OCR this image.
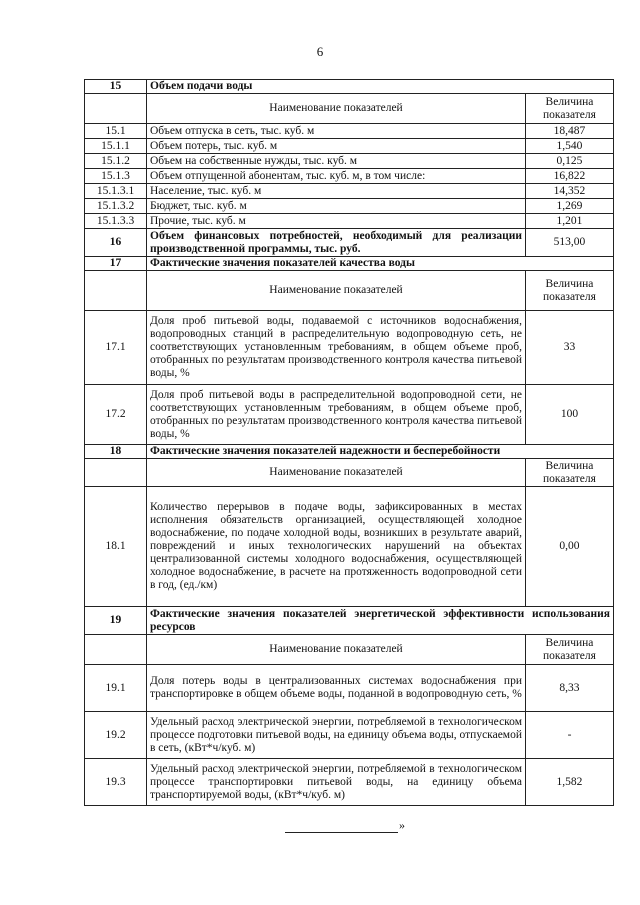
6
15	Объем подачи воды	
	Наименование показателей	Величина показателя
15.1	Объем отпуска в сеть, тыс. куб. м	18,487
15.1.1	Объем потерь, тыс. куб. м	1,540
15.1.2	Объем на собственные нужды, тыс. куб. м	0,125
15.1.3	Объем отпущенной абонентам, тыс. куб. м, в том числе:	16,822
15.1.3.1	Население, тыс. куб. м	14,352
15.1.3.2	Бюджет, тыс. куб. м	1,269
15.1.3.3	Прочие, тыс. куб. м	1,201
16	Объем финансовых потребностей, необходимый для реализации производственной программы, тыс. руб.	513,00
17	Фактические значения показателей качества воды	
	Наименование показателей	Величина показателя
17.1	Доля проб питьевой воды, подаваемой с источников водоснабжения, водопроводных станций в распределительную водопроводную сеть, не соответствующих установленным требованиям, в общем объеме проб, отобранных по результатам производственного контроля качества питьевой воды, %	33
17.2	Доля проб питьевой воды в распределительной водопроводной сети, не соответствующих установленным требованиям, в общем объеме проб, отобранных по результатам производственного контроля качества питьевой воды, %	100
18	Фактические значения показателей надежности и бесперебойности	
	Наименование показателей	Величина показателя
18.1	Количество перерывов в подаче воды, зафиксированных в местах исполнения обязательств организацией, осуществляющей холодное водоснабжение, по подаче холодной воды, возникших в результате аварий, повреждений и иных технологических нарушений на объектах централизованной системы холодного водоснабжения, осуществляющей холодное водоснабжение, в расчете на протяженность водопроводной сети в год, (ед./км)	0,00
19	Фактические значения показателей энергетической эффективности использования ресурсов	
	Наименование показателей	Величина показателя
19.1	Доля потерь воды в централизованных системах водоснабжения при транспортировке в общем объеме воды, поданной в водопроводную сеть, %	8,33
19.2	Удельный расход электрической энергии, потребляемой в технологическом процессе подготовки питьевой воды, на единицу объема воды, отпускаемой в сеть, (кВт*ч/куб. м)	-
19.3	Удельный расход электрической энергии, потребляемой в технологическом процессе транспортировки питьевой воды, на единицу объема транспортируемой воды, (кВт*ч/куб. м)	1,582
»
